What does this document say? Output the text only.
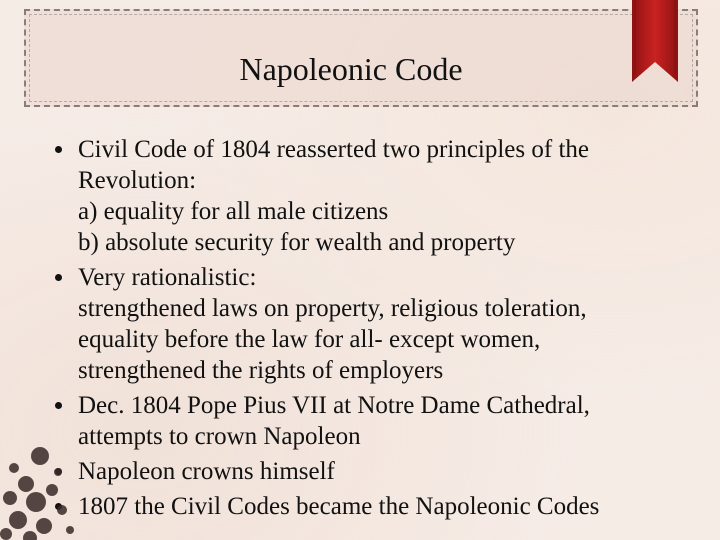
Napoleonic Code
Civil Code of 1804 reasserted two principles of the
Revolution:
a) equality for all male citizens
b) absolute security for wealth and property
Very rationalistic:
strengthened laws on property, religious toleration,
equality before the law for all- except women,
strengthened the rights of employers
Dec. 1804 Pope Pius VII at Notre Dame Cathedral,
attempts to crown Napoleon
Napoleon crowns himself
1807 the Civil Codes became the Napoleonic Codes
